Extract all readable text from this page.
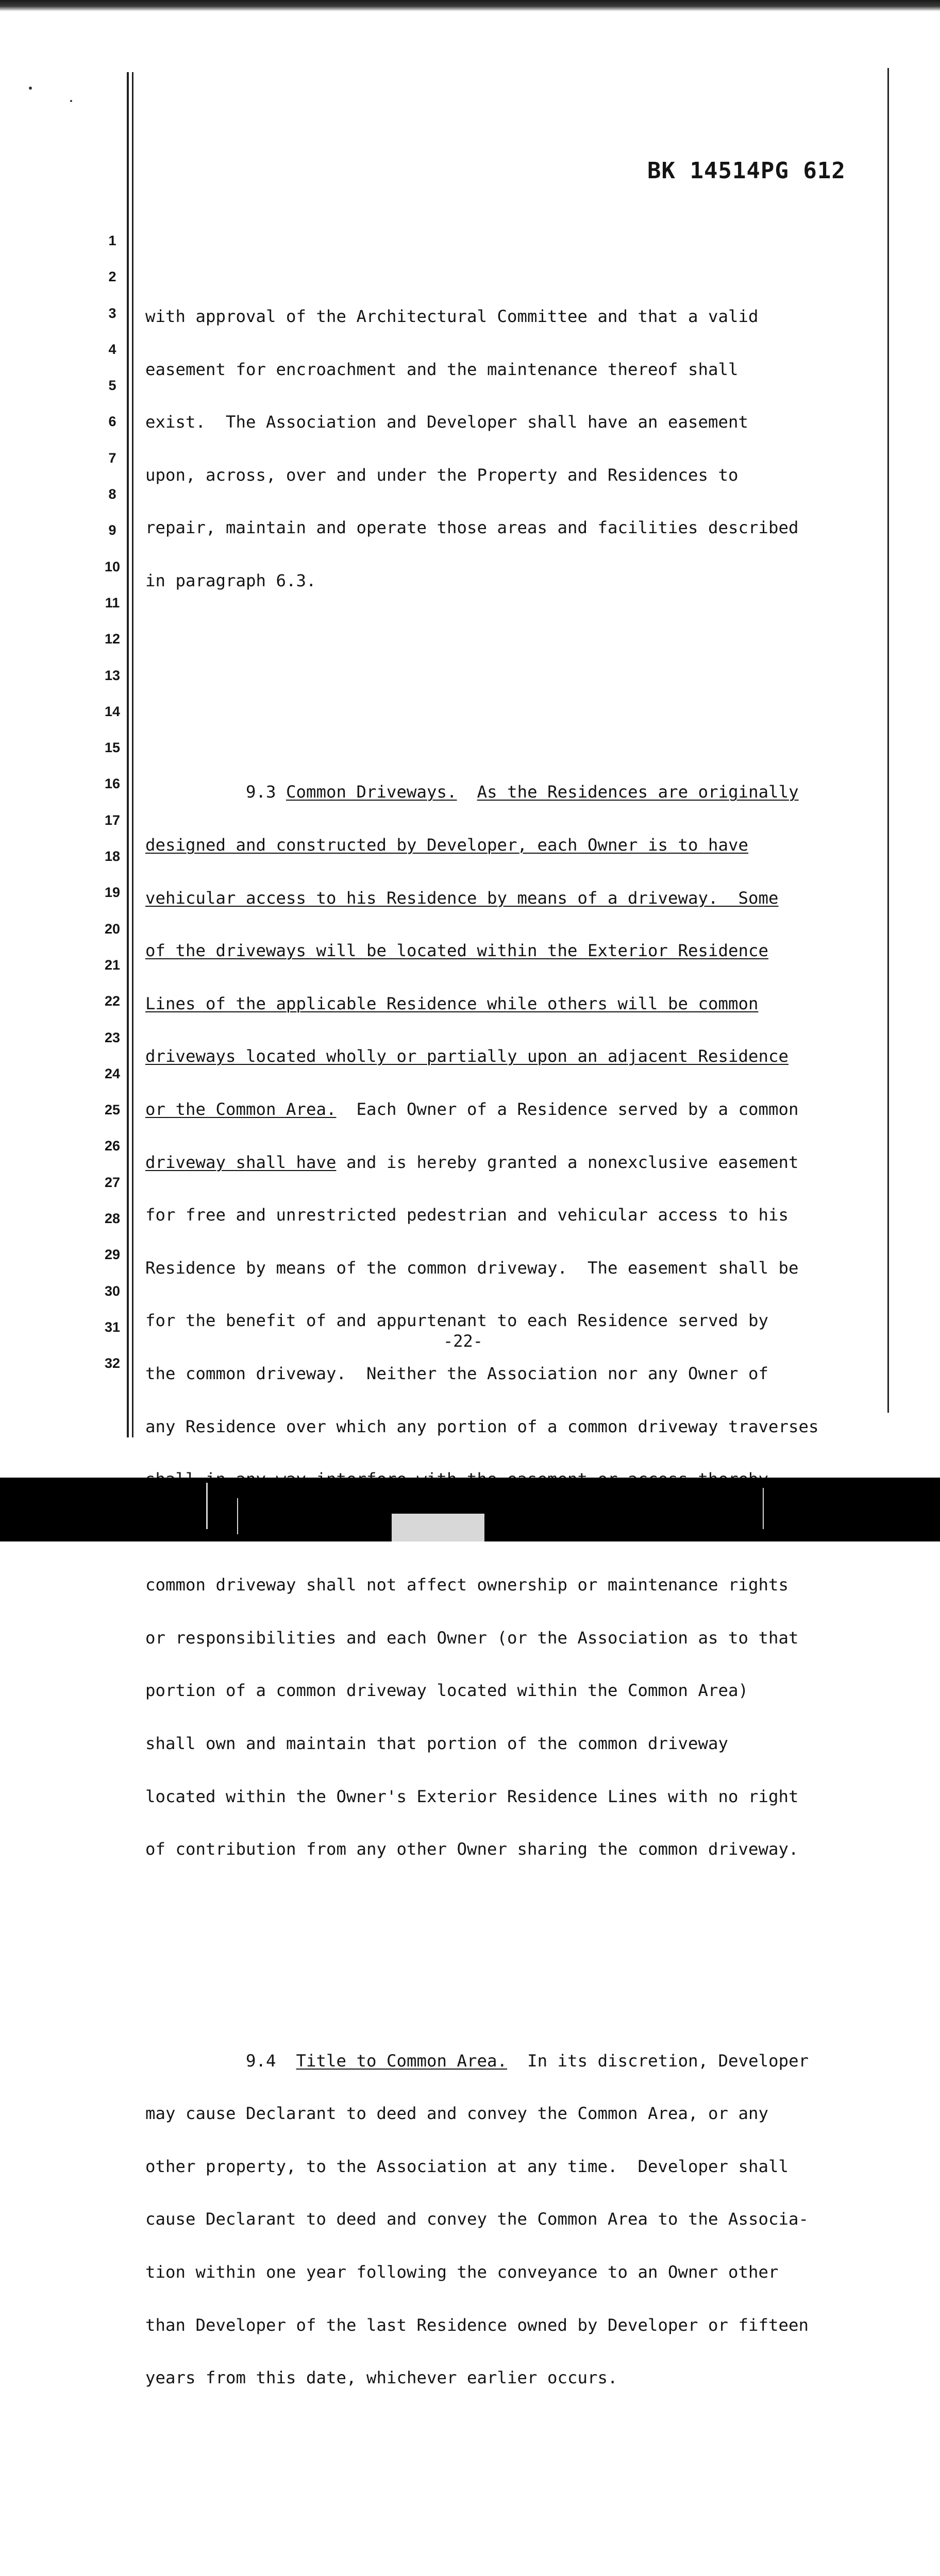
BK 14514PG 612
1
2
3
4
5
6
7
8
9
10
11
12
13
14
15
16
17
18
19
20
21
22
23
24
25
26
27
28
29
30
31
32

with approval of the Architectural Committee and that a valid

easement for encroachment and the maintenance thereof shall

exist.  The Association and Developer shall have an easement

upon, across, over and under the Property and Residences to

repair, maintain and operate those areas and facilities described

in paragraph 6.3.

9.3 Common Driveways. As the Residences are originally

designed and constructed by Developer, each Owner is to have

vehicular access to his Residence by means of a driveway.  Some

of the driveways will be located within the Exterior Residence

Lines of the applicable Residence while others will be common

driveways located wholly or partially upon an adjacent Residence

or the Common Area.  Each Owner of a Residence served by a common

driveway shall have and is hereby granted a nonexclusive easement

for free and unrestricted pedestrian and vehicular access to his

Residence by means of the common driveway.  The easement shall be

for the benefit of and appurtenant to each Residence served by

the common driveway.  Neither the Association nor any Owner of

any Residence over which any portion of a common driveway traverses

common driveway shall not affect ownership or maintenance rights

or responsibilities and each Owner (or the Association as to that

portion of a common driveway located within the Common Area)

shall own and maintain that portion of the common driveway

located within the Owner's Exterior Residence Lines with no right

of contribution from any other Owner sharing the common driveway.

9.4 Title to Common Area. In its discretion, Developer

may cause Declarant to deed and convey the Common Area, or any

other property, to the Association at any time.  Developer shall

cause Declarant to deed and convey the Common Area to the Associa-

tion within one year following the conveyance to an Owner other

than Developer of the last Residence owned by Developer or fifteen

years from this date, whichever earlier occurs.

-22-
